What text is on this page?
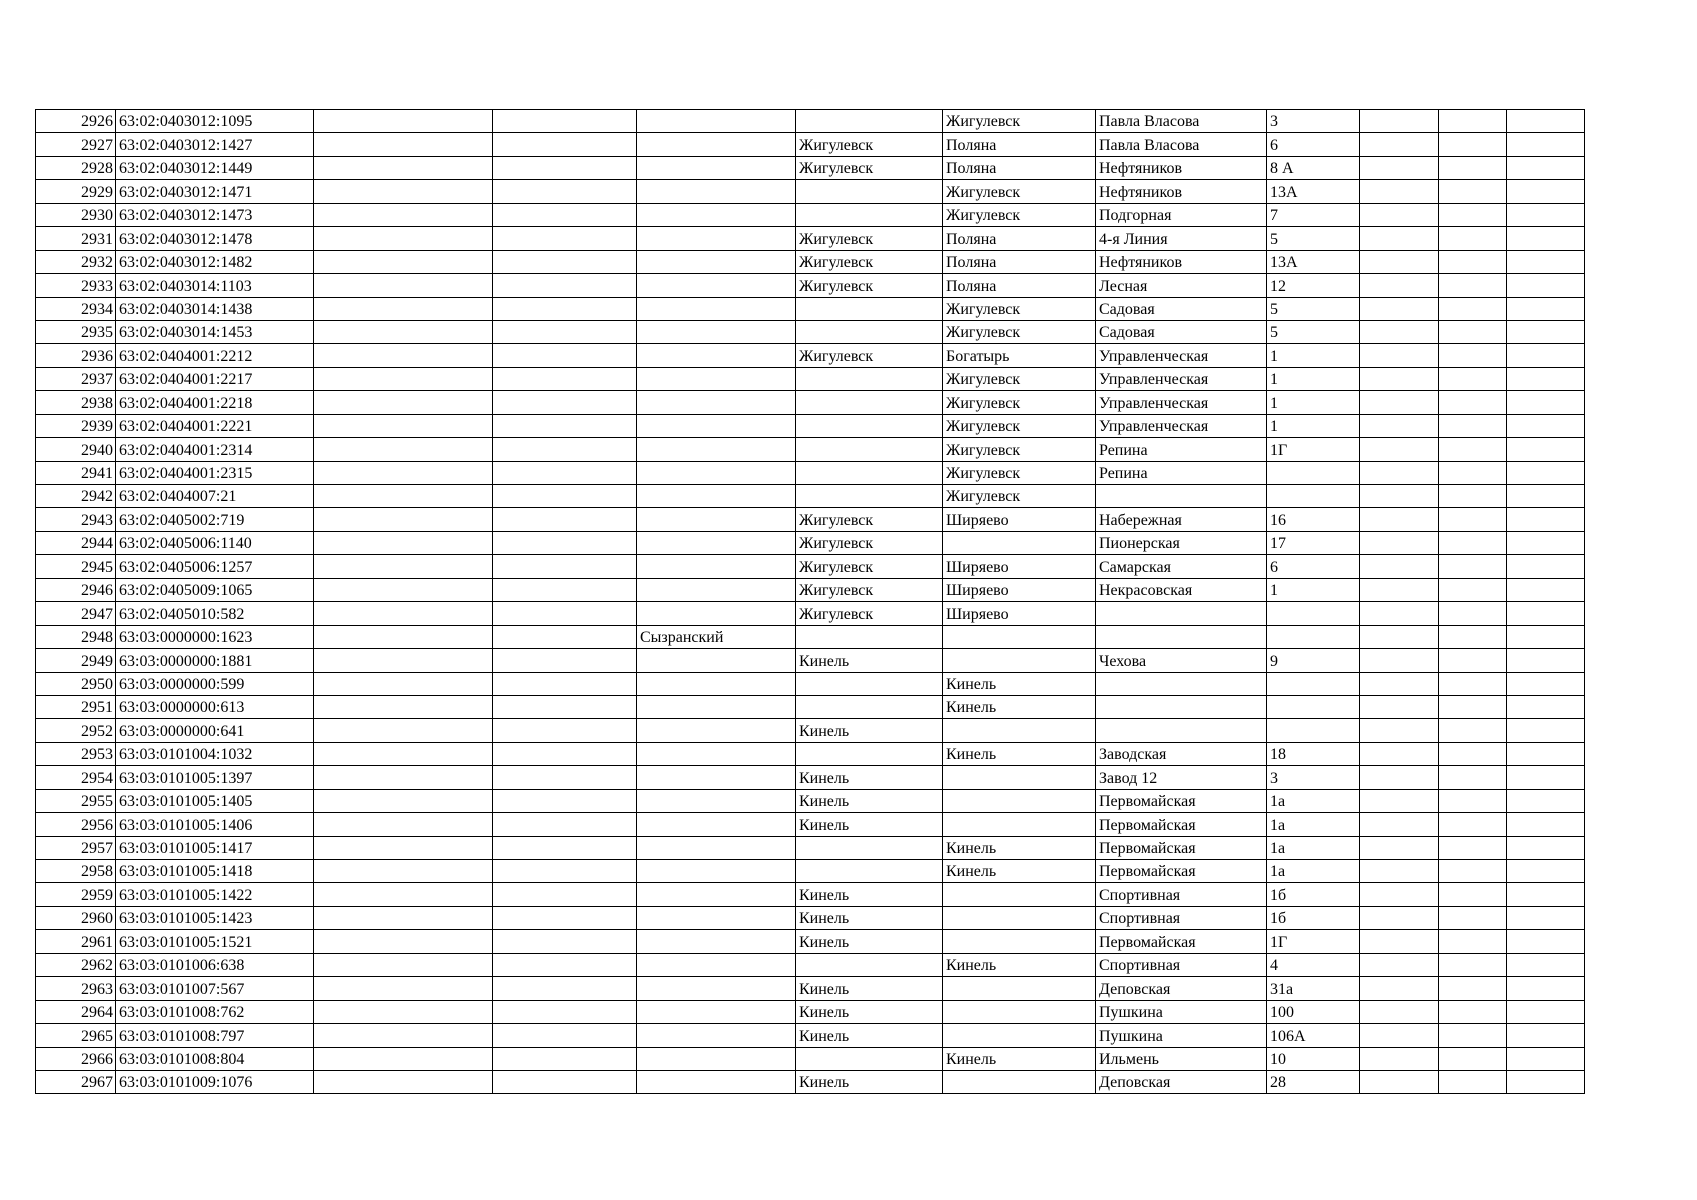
2926	63:02:0403012:1095					Жигулевск	Павла Власова	3			
2927	63:02:0403012:1427				Жигулевск	Поляна	Павла Власова	6			
2928	63:02:0403012:1449				Жигулевск	Поляна	Нефтяников	8 А			
2929	63:02:0403012:1471					Жигулевск	Нефтяников	13А			
2930	63:02:0403012:1473					Жигулевск	Подгорная	7			
2931	63:02:0403012:1478				Жигулевск	Поляна	4-я Линия	5			
2932	63:02:0403012:1482				Жигулевск	Поляна	Нефтяников	13А			
2933	63:02:0403014:1103				Жигулевск	Поляна	Лесная	12			
2934	63:02:0403014:1438					Жигулевск	Садовая	5			
2935	63:02:0403014:1453					Жигулевск	Садовая	5			
2936	63:02:0404001:2212				Жигулевск	Богатырь	Управленческая	1			
2937	63:02:0404001:2217					Жигулевск	Управленческая	1			
2938	63:02:0404001:2218					Жигулевск	Управленческая	1			
2939	63:02:0404001:2221					Жигулевск	Управленческая	1			
2940	63:02:0404001:2314					Жигулевск	Репина	1Г			
2941	63:02:0404001:2315					Жигулевск	Репина				
2942	63:02:0404007:21					Жигулевск					
2943	63:02:0405002:719				Жигулевск	Ширяево	Набережная	16			
2944	63:02:0405006:1140				Жигулевск		Пионерская	17			
2945	63:02:0405006:1257				Жигулевск	Ширяево	Самарская	6			
2946	63:02:0405009:1065				Жигулевск	Ширяево	Некрасовская	1			
2947	63:02:0405010:582				Жигулевск	Ширяево					
2948	63:03:0000000:1623			Сызранский							
2949	63:03:0000000:1881				Кинель		Чехова	9			
2950	63:03:0000000:599					Кинель					
2951	63:03:0000000:613					Кинель					
2952	63:03:0000000:641				Кинель						
2953	63:03:0101004:1032					Кинель	Заводская	18			
2954	63:03:0101005:1397				Кинель		Завод 12	3			
2955	63:03:0101005:1405				Кинель		Первомайская	1а			
2956	63:03:0101005:1406				Кинель		Первомайская	1а			
2957	63:03:0101005:1417					Кинель	Первомайская	1а			
2958	63:03:0101005:1418					Кинель	Первомайская	1а			
2959	63:03:0101005:1422				Кинель		Спортивная	1б			
2960	63:03:0101005:1423				Кинель		Спортивная	1б			
2961	63:03:0101005:1521				Кинель		Первомайская	1Г			
2962	63:03:0101006:638					Кинель	Спортивная	4			
2963	63:03:0101007:567				Кинель		Деповская	31а			
2964	63:03:0101008:762				Кинель		Пушкина	100			
2965	63:03:0101008:797				Кинель		Пушкина	106А			
2966	63:03:0101008:804					Кинель	Ильмень	10			
2967	63:03:0101009:1076				Кинель		Деповская	28			
